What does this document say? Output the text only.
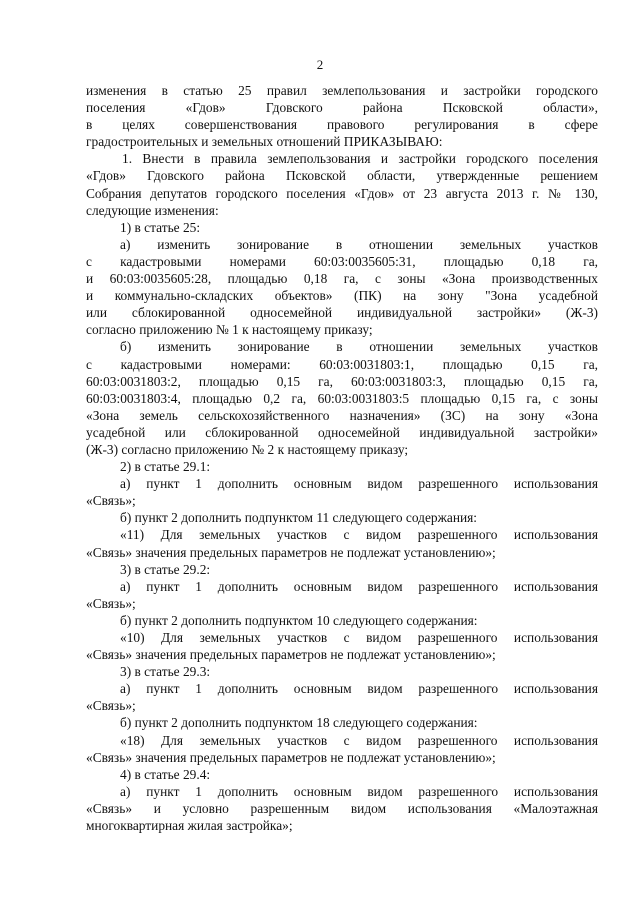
2

изменения в статью 25 правил землепользования и застройки городского

поселения «Гдов» Гдовского района Псковской области»,

в целях совершенствования правового регулирования в сфере

градостроительных и земельных отношений ПРИКАЗЫВАЮ:

1. Внести в правила землепользования и застройки городского поселения

«Гдов» Гдовского района Псковской области, утвержденные решением

Собрания депутатов городского поселения «Гдов» от 23 августа 2013 г. № 130,

следующие изменения:

1) в статье 25:

а) изменить зонирование в отношении земельных участков

с кадастровыми номерами 60:03:0035605:31, площадью 0,18 га,

и 60:03:0035605:28, площадью 0,18 га, с зоны «Зона производственных

и коммунально-складских объектов» (ПК) на зону "Зона усадебной

или сблокированной односемейной индивидуальной застройки» (Ж-3)

согласно приложению № 1 к настоящему приказу;

б) изменить зонирование в отношении земельных участков

с кадастровыми номерами: 60:03:0031803:1, площадью 0,15 га,

60:03:0031803:2, площадью 0,15 га, 60:03:0031803:3, площадью 0,15 га,

60:03:0031803:4, площадью 0,2 га, 60:03:0031803:5 площадью 0,15 га, с зоны

«Зона земель сельскохозяйственного назначения» (ЗС) на зону «Зона

усадебной или сблокированной односемейной индивидуальной застройки»

(Ж-3) согласно приложению № 2 к настоящему приказу;

2) в статье 29.1:

а) пункт 1 дополнить основным видом разрешенного использования

«Связь»;

б) пункт 2 дополнить подпунктом 11 следующего содержания:

«11) Для земельных участков с видом разрешенного использования

«Связь» значения предельных параметров не подлежат установлению»;

3) в статье 29.2:

а) пункт 1 дополнить основным видом разрешенного использования

«Связь»;

б) пункт 2 дополнить подпунктом 10 следующего содержания:

«10) Для земельных участков с видом разрешенного использования

«Связь» значения предельных параметров не подлежат установлению»;

3) в статье 29.3:

а) пункт 1 дополнить основным видом разрешенного использования

«Связь»;

б) пункт 2 дополнить подпунктом 18 следующего содержания:

«18) Для земельных участков с видом разрешенного использования

«Связь» значения предельных параметров не подлежат установлению»;

4) в статье 29.4:

а) пункт 1 дополнить основным видом разрешенного использования

«Связь» и условно разрешенным видом использования «Малоэтажная

многоквартирная жилая застройка»;
